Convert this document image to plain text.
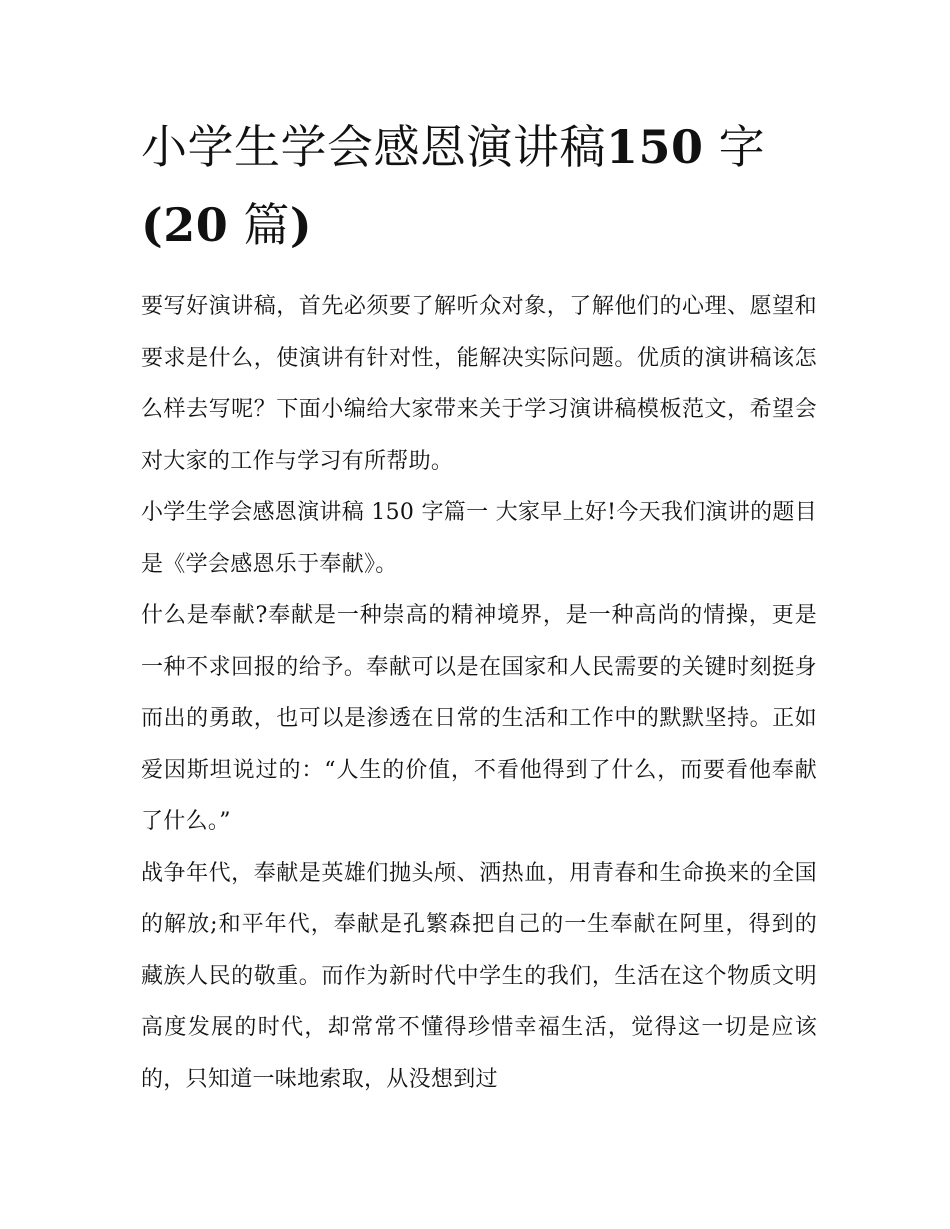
小学生学会感恩演讲稿150 字
(20 篇)

要写好演讲稿，首先必须要了解听众对象，了解他们的心理、愿望和要求是什么，使演讲有针对性，能解决实际问题。优质的演讲稿该怎么样去写呢？下面小编给大家带来关于学习演讲稿模板范文，希望会对大家的工作与学习有所帮助。

小学生学会感恩演讲稿 150 字篇一 大家早上好!今天我们演讲的题目是《学会感恩乐于奉献》。

什么是奉献?奉献是一种崇高的精神境界，是一种高尚的情操，更是一种不求回报的给予。奉献可以是在国家和人民需要的关键时刻挺身而出的勇敢，也可以是渗透在日常的生活和工作中的默默坚持。正如爱因斯坦说过的：“人生的价值，不看他得到了什么，而要看他奉献了什么。”

战争年代，奉献是英雄们抛头颅、洒热血，用青春和生命换来的全国的解放;和平年代，奉献是孔繁森把自己的一生奉献在阿里，得到的藏族人民的敬重。而作为新时代中学生的我们，生活在这个物质文明高度发展的时代，却常常不懂得珍惜幸福生活，觉得这一切是应该的，只知道一味地索取，从没想到过
